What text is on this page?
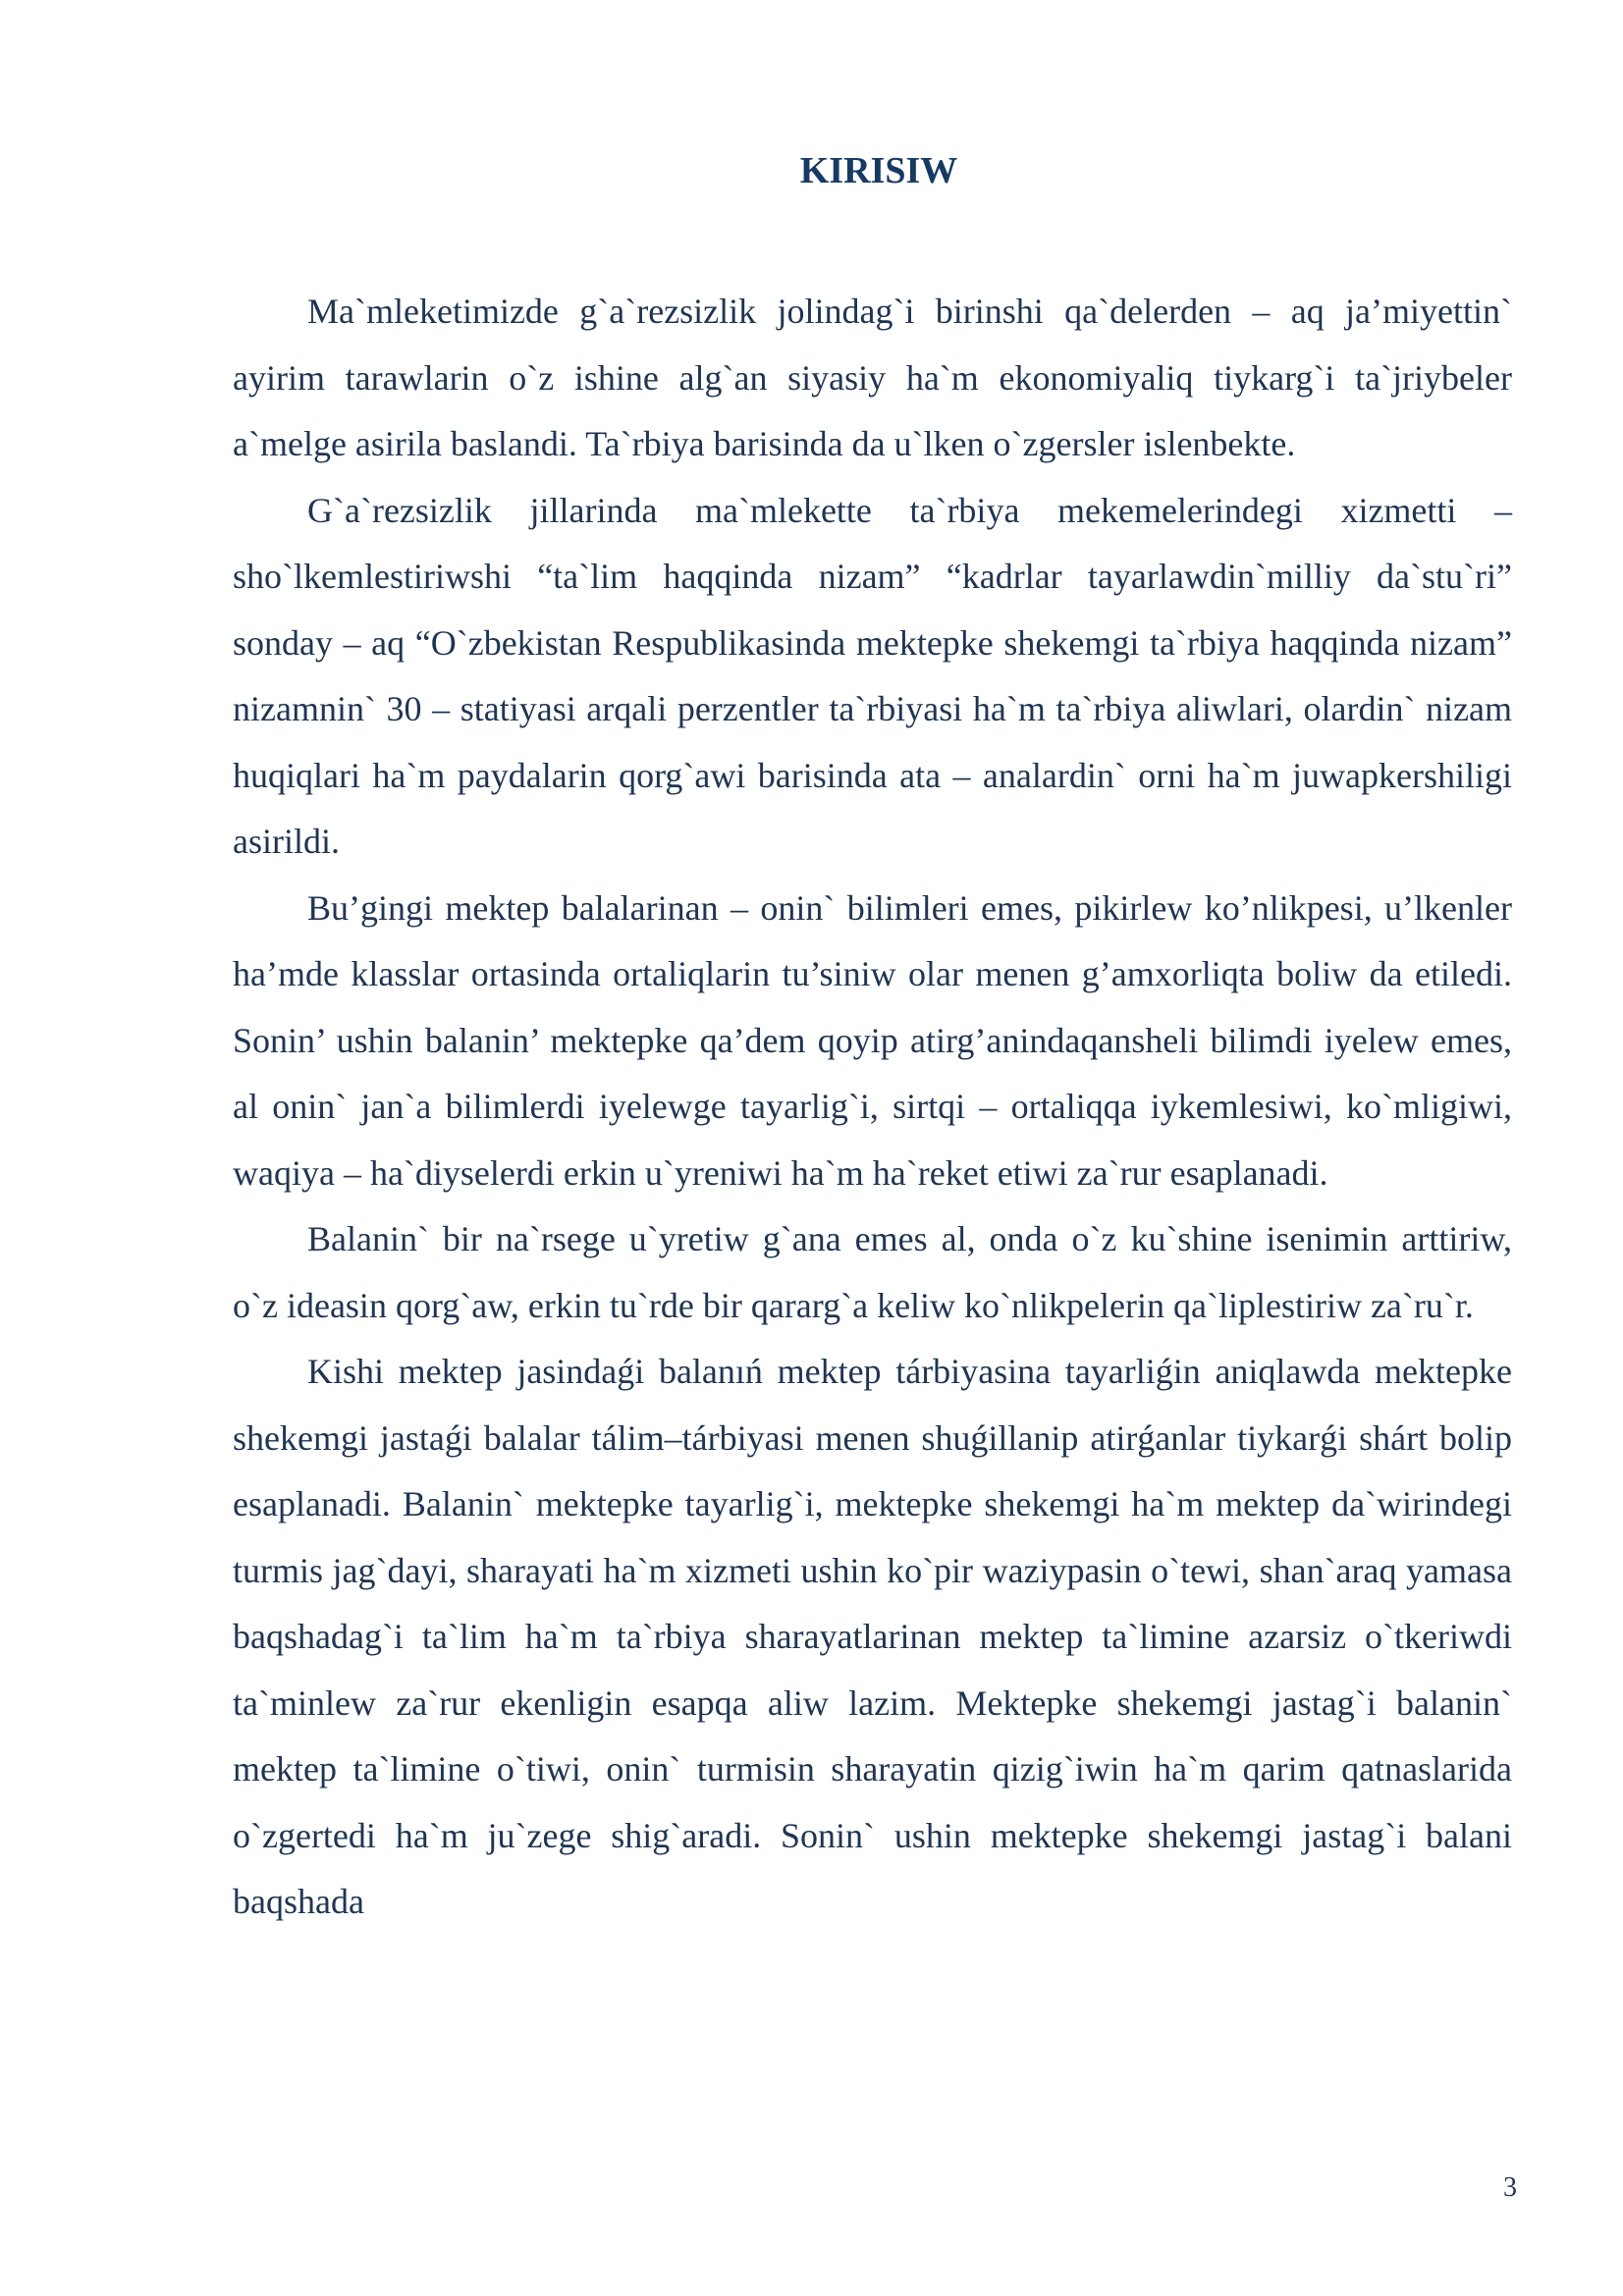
KIRISIW

Ma`mleketimizde g`a`rezsizlik jolindag`i birinshi qa`delerden – aq ja’miyettin` ayirim tarawlarin o`z ishine alg`an siyasiy ha`m ekonomiyaliq tiykarg`i ta`jriybeler a`melge asirila baslandi. Ta`rbiya barisinda da u`lken o`zgersler islenbekte.

G`a`rezsizlik jillarinda ma`mlekette ta`rbiya mekemelerindegi xizmetti – sho`lkemlestiriwshi “ta`lim haqqinda nizam” “kadrlar tayarlawdin`milliy da`stu`ri” sonday – aq “O`zbekistan Respublikasinda mektepke shekemgi ta`rbiya haqqinda nizam” nizamnin` 30 – statiyasi arqali perzentler ta`rbiyasi ha`m ta`rbiya aliwlari, olardin` nizam huqiqlari ha`m paydalarin qorg`awi barisinda ata – analardin` orni ha`m juwapkershiligi asirildi.

Bu’gingi mektep balalarinan – onin` bilimleri emes, pikirlew ko’nlikpesi, u’lkenler ha’mde klasslar ortasinda ortaliqlarin tu’siniw olar menen g’amxorliqta boliw da etiledi. Sonin’ ushin balanin’ mektepke qa’dem qoyip atirg’anindaqansheli bilimdi iyelew emes, al onin` jan`a bilimlerdi iyelewge tayarlig`i, sirtqi – ortaliqqa iykemlesiwi, ko`mligiwi, waqiya – ha`diyselerdi erkin u`yreniwi ha`m ha`reket etiwi za`rur esaplanadi.

Balanin` bir na`rsege u`yretiw g`ana emes al, onda o`z ku`shine isenimin arttiriw, o`z ideasin qorg`aw, erkin tu`rde bir qararg`a keliw ko`nlikpelerin qa`liplestiriw za`ru`r.

Kishi mektep jasindaǵi balanıń mektep tárbiyasina tayarliǵin aniqlawda mektepke shekemgi jastaǵi balalar tálim–tárbiyasi menen shuǵillanip atirǵanlar tiykarǵi shárt bolip esaplanadi. Balanin` mektepke tayarlig`i, mektepke shekemgi ha`m mektep da`wirindegi turmis jag`dayi, sharayati ha`m xizmeti ushin ko`pir waziypasin o`tewi, shan`araq yamasa baqshadag`i ta`lim ha`m ta`rbiya sharayatlarinan mektep ta`limine azarsiz o`tkeriwdi ta`minlew za`rur ekenligin esapqa aliw lazim. Mektepke shekemgi jastag`i balanin` mektep ta`limine o`tiwi, onin` turmisin sharayatin qizig`iwin ha`m qarim qatnaslarida o`zgertedi ha`m ju`zege shig`aradi. Sonin` ushin mektepke shekemgi jastag`i balani baqshada

3
